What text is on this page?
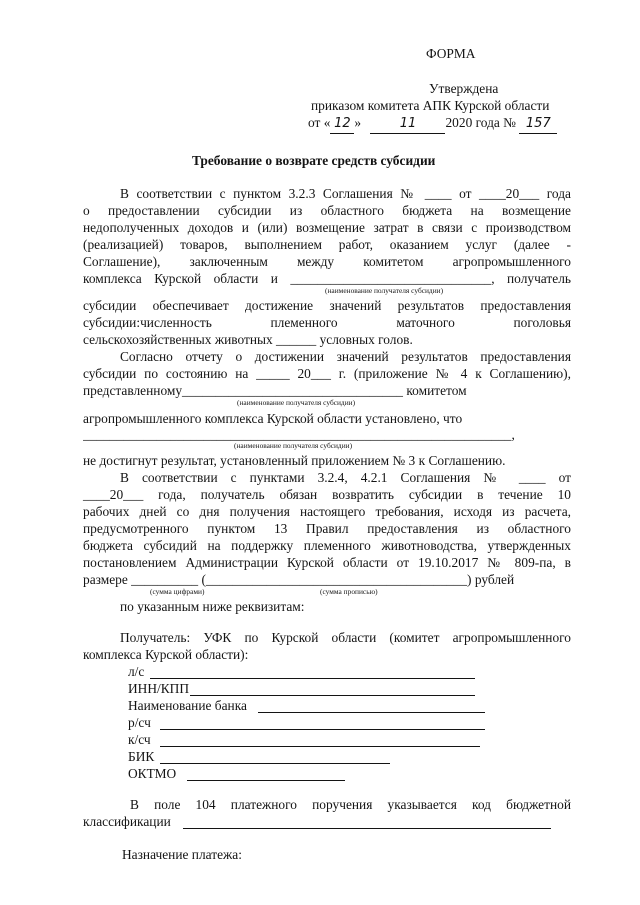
ФОРМА
Утверждена
приказом комитета АПК Курской области
от « 12 »	11 2020 года № 157
Требование о возврате средств субсидии
В соответствии с пунктом 3.2.3 Соглашения № ____ от ____20___ года
о предоставлении субсидии из областного бюджета на возмещение
недополученных доходов и (или) возмещение затрат в связи с производством
(реализацией) товаров, выполнением работ, оказанием услуг (далее -
Соглашение), заключенным между комитетом агропромышленного
комплекса Курской области и ______________________________, получатель
(наименование получателя субсидии)
субсидии обеспечивает достижение значений результатов предоставления
субсидии:численность племенного маточного поголовья
сельскохозяйственных животных ______ условных голов.
Согласно отчету о достижении значений результатов предоставления
субсидии по состоянию на _____ 20___ г. (приложение № 4 к Соглашению),
представленному_________________________________ комитетом
(наименование получателя субсидии)
агропромышленного комплекса Курской области установлено, что
________________________________________________________________,
(наименование получателя субсидии)
не достигнут результат, установленный приложением № 3 к Соглашению.
В соответствии с пунктами 3.2.4, 4.2.1 Соглашения № ____ от
____20___ года, получатель обязан возвратить субсидии в течение 10
рабочих дней со дня получения настоящего требования, исходя из расчета,
предусмотренного пунктом 13 Правил предоставления из областного
бюджета субсидий на поддержку племенного животноводства, утвержденных
постановлением Администрации Курской области от 19.10.2017 № 809-па, в
размере __________ (_______________________________________) рублей
(сумма цифрами)	(сумма прописью)
по указанным ниже реквизитам:
Получатель: УФК по Курской области (комитет агропромышленного
комплекса Курской области):
л/с
ИНН/КПП
Наименование банка
р/сч
к/сч
БИК
ОКТМО
В поле 104 платежного поручения указывается код бюджетной
классификации
Назначение платежа:
